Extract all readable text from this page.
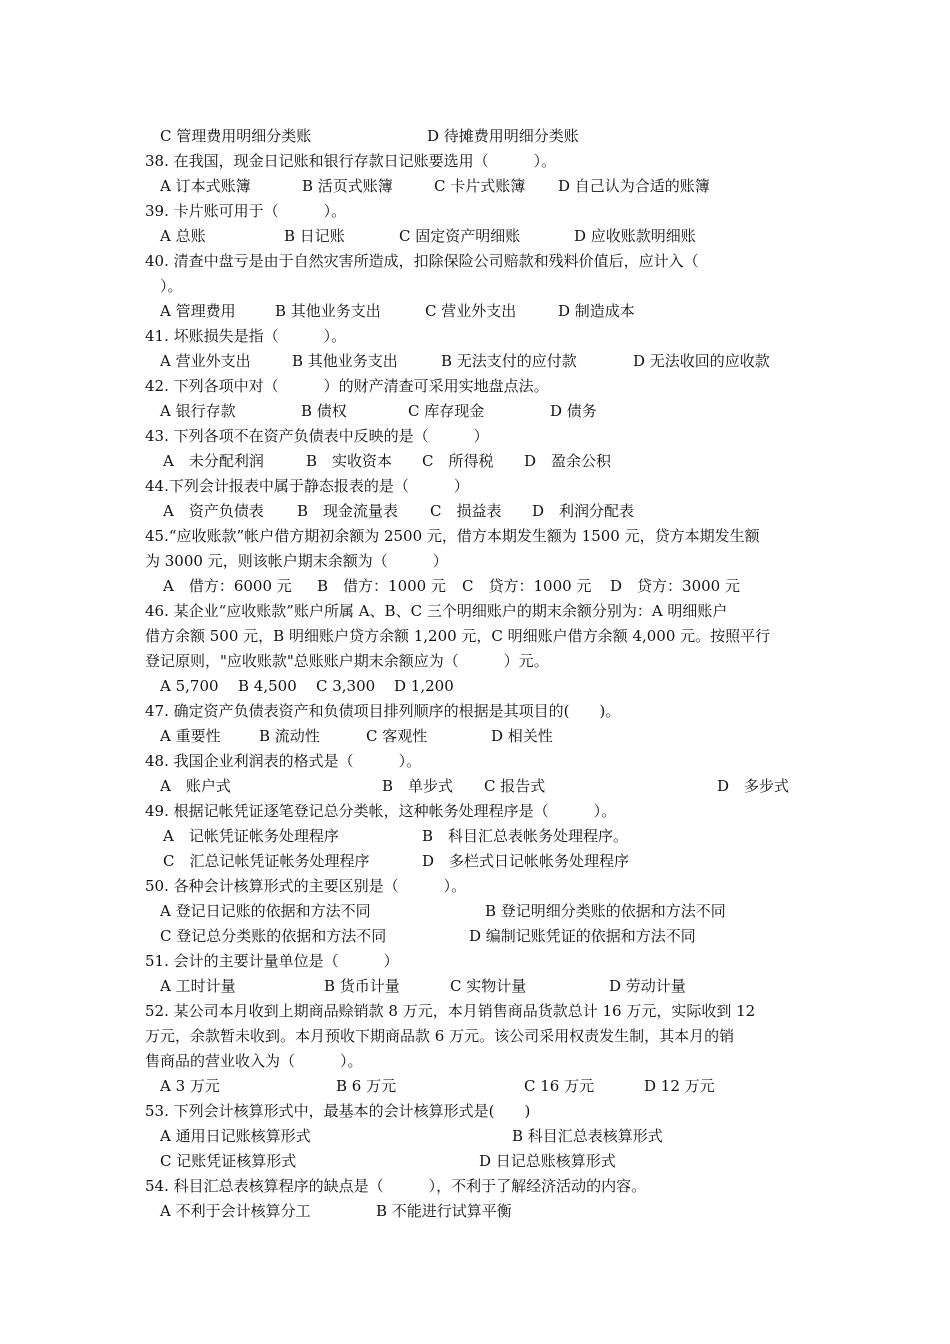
C 管理费用明细分类账	D 待摊费用明细分类账
38. 在我国，现金日记账和银行存款日记账要选用（　　　）。
A 订本式账簿	B 活页式账簿	C 卡片式账簿 D 自己认为合适的账簿
39. 卡片账可用于（　　　）。
A 总账	B 日记账	C 固定资产明细账	D 应收账款明细账
40. 清查中盘亏是由于自然灾害所造成，扣除保险公司赔款和残料价值后，应计入（
　）。
A 管理费用	B 其他业务支出	C 营业外支出	D 制造成本
41. 坏账损失是指（　　　）。
A 营业外支出	B 其他业务支出	B 无法支付的应付款	D 无法收回的应收款
42. 下列各项中对（　　　）的财产清查可采用实地盘点法。
A 银行存款	B 债权	C 库存现金	D 债务
43. 下列各项不在资产负债表中反映的是（　　　）
A　未分配利润	B　实收资本 C　所得税 D　盈余公积
44.下列会计报表中属于静态报表的是（　　　）
A　资产负债表 B　现金流量表 C　损益表 D　利润分配表
45.“应收账款”帐户借方期初余额为 2500 元，借方本期发生额为 1500 元，贷方本期发生额
为 3000 元，则该帐户期末余额为（　　　）
A　借方：6000 元 B　借方：1000 元 C　贷方：1000 元 D　贷方：3000 元
46. 某企业“应收账款”账户所属 A、B、C 三个明细账户的期末余额分别为：A 明细账户
借方余额 500 元，B 明细账户贷方余额 1,200 元，C 明细账户借方余额 4,000 元。按照平行
登记原则，"应收账款"总账账户期末余额应为（　　　）元。
A 5,700 B 4,500 C 3,300 D 1,200
47. 确定资产负债表资产和负债项目排列顺序的根据是其项目的(　　)。
A 重要性	B 流动性	C 客观性	D 相关性
48. 我国企业利润表的格式是（　　　）。
A　账户式	B　单步式 C 报告式	D　多步式
49. 根据记帐凭证逐笔登记总分类帐，这种帐务处理程序是（　　　）。
A　记帐凭证帐务处理程序	B　科目汇总表帐务处理程序。
C　汇总记帐凭证帐务处理程序	D　多栏式日记帐帐务处理程序
50. 各种会计核算形式的主要区别是（　　　）。
A 登记日记账的依据和方法不同	B 登记明细分类账的依据和方法不同
C 登记总分类账的依据和方法不同	D 编制记账凭证的依据和方法不同
51. 会计的主要计量单位是（　　　）
A 工时计量	B 货币计量	C 实物计量	D 劳动计量
52. 某公司本月收到上期商品赊销款 8 万元，本月销售商品货款总计 16 万元，实际收到 12
万元，余款暂未收到。本月预收下期商品款 6 万元。该公司采用权责发生制，其本月的销
售商品的营业收入为（　　　）。
A 3 万元	B 6 万元	C 16 万元	D 12 万元
53. 下列会计核算形式中，最基本的会计核算形式是(　　)
A 通用日记账核算形式	B 科目汇总表核算形式
C 记账凭证核算形式	D 日记总账核算形式
54. 科目汇总表核算程序的缺点是（　　　），不利于了解经济活动的内容。
A 不利于会计核算分工	B 不能进行试算平衡
